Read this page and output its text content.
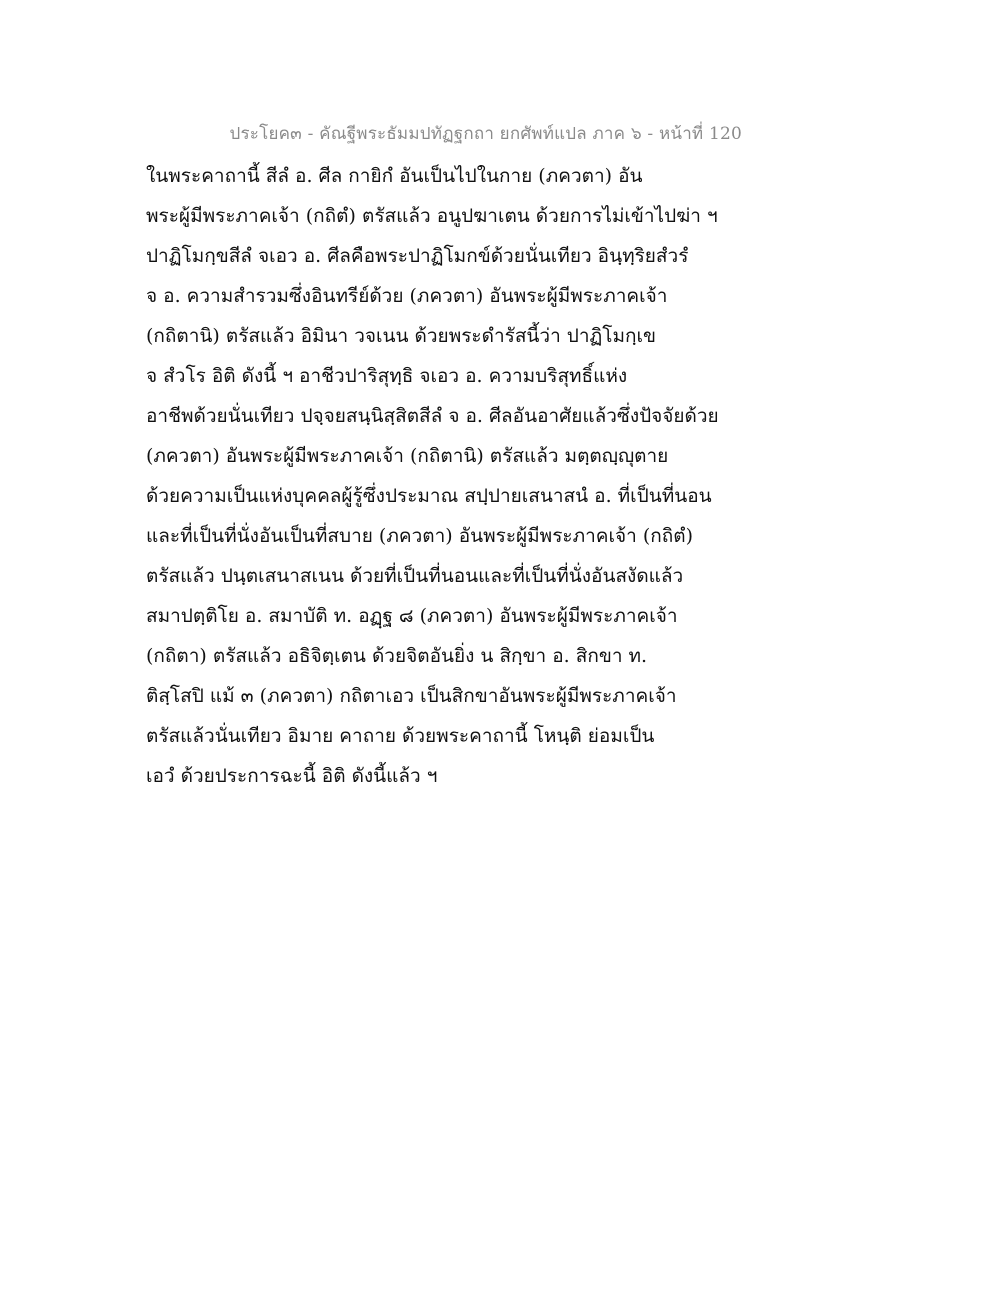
ประโยค๓ - คัณฐีพระธัมมปทัฏฐกถา ยกศัพท์แปล ภาค ๖ - หน้าที่ 120
ในพระคาถานี้ สีลํ อ. ศีล กายิกํ อันเป็นไปในกาย (ภควตา) อัน
พระผู้มีพระภาคเจ้า (กถิตํ) ตรัสแล้ว อนูปฆาเตน ด้วยการไม่เข้าไปฆ่า ฯ
ปาฏิโมกฺขสีลํ จเอว อ. ศีลคือพระปาฏิโมกข์ด้วยนั่นเทียว อินฺทฺริยสํวรํ
จ อ. ความสำรวมซึ่งอินทรีย์ด้วย (ภควตา) อันพระผู้มีพระภาคเจ้า
(กถิตานิ) ตรัสแล้ว อิมินา วจเนน ด้วยพระดำรัสนี้ว่า ปาฏิโมกฺเข
จ สํวโร อิติ ดังนี้ ฯ อาชีวปาริสุทฺธิ จเอว อ. ความบริสุทธิ์แห่ง
อาชีพด้วยนั่นเทียว ปจฺจยสนฺนิสฺสิตสีลํ จ อ. ศีลอันอาศัยแล้วซึ่งปัจจัยด้วย
(ภควตา) อันพระผู้มีพระภาคเจ้า (กถิตานิ) ตรัสแล้ว มตฺตญฺญุตาย
ด้วยความเป็นแห่งบุคคลผู้รู้ซึ่งประมาณ สปฺปายเสนาสนํ อ. ที่เป็นที่นอน
และที่เป็นที่นั่งอันเป็นที่สบาย (ภควตา) อันพระผู้มีพระภาคเจ้า (กถิตํ)
ตรัสแล้ว ปนฺตเสนาสเนน ด้วยที่เป็นที่นอนและที่เป็นที่นั่งอันสงัดแล้ว
สมาปตฺติโย อ. สมาบัติ ท. อฏฺฐ ๘ (ภควตา) อันพระผู้มีพระภาคเจ้า
(กถิตา) ตรัสแล้ว อธิจิตฺเตน ด้วยจิตอันยิ่ง น สิกฺขา อ. สิกขา ท.
ติสฺโสปิ แม้ ๓ (ภควตา) กถิตาเอว เป็นสิกขาอันพระผู้มีพระภาคเจ้า
ตรัสแล้วนั่นเทียว อิมาย คาถาย ด้วยพระคาถานี้ โหนฺติ ย่อมเป็น
เอวํ ด้วยประการฉะนี้ อิติ ดังนี้แล้ว ฯ
